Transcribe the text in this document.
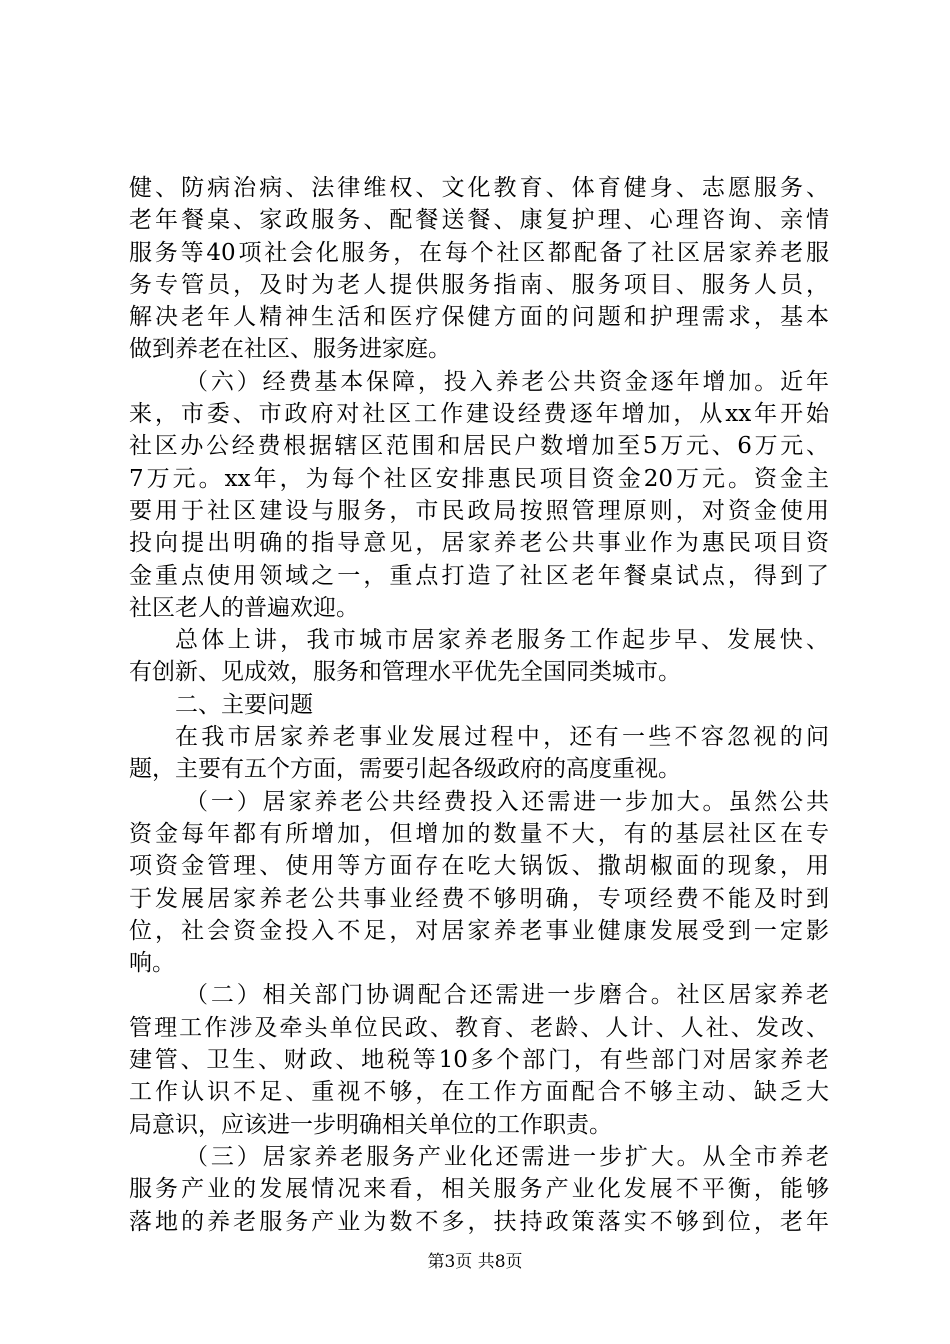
健、防病治病、法律维权、文化教育、体育健身、志愿服务、
老年餐桌、家政服务、配餐送餐、康复护理、心理咨询、亲情
服务等40项社会化服务，在每个社区都配备了社区居家养老服
务专管员，及时为老人提供服务指南、服务项目、服务人员，
解决老年人精神生活和医疗保健方面的问题和护理需求，基本
做到养老在社区、服务进家庭。
（六）经费基本保障，投入养老公共资金逐年增加。近年
来，市委、市政府对社区工作建设经费逐年增加，从xx年开始
社区办公经费根据辖区范围和居民户数增加至5万元、6万元、
7万元。xx年，为每个社区安排惠民项目资金20万元。资金主
要用于社区建设与服务，市民政局按照管理原则，对资金使用
投向提出明确的指导意见，居家养老公共事业作为惠民项目资
金重点使用领域之一，重点打造了社区老年餐桌试点，得到了
社区老人的普遍欢迎。
总体上讲，我市城市居家养老服务工作起步早、发展快、
有创新、见成效，服务和管理水平优先全国同类城市。
二、主要问题
在我市居家养老事业发展过程中，还有一些不容忽视的问
题，主要有五个方面，需要引起各级政府的高度重视。
（一）居家养老公共经费投入还需进一步加大。虽然公共
资金每年都有所增加，但增加的数量不大，有的基层社区在专
项资金管理、使用等方面存在吃大锅饭、撒胡椒面的现象，用
于发展居家养老公共事业经费不够明确，专项经费不能及时到
位，社会资金投入不足，对居家养老事业健康发展受到一定影
响。
（二）相关部门协调配合还需进一步磨合。社区居家养老
管理工作涉及牵头单位民政、教育、老龄、人计、人社、发改、
建管、卫生、财政、地税等10多个部门，有些部门对居家养老
工作认识不足、重视不够，在工作方面配合不够主动、缺乏大
局意识，应该进一步明确相关单位的工作职责。
（三）居家养老服务产业化还需进一步扩大。从全市养老
服务产业的发展情况来看，相关服务产业化发展不平衡，能够
落地的养老服务产业为数不多，扶持政策落实不够到位，老年
第3页 共8页
